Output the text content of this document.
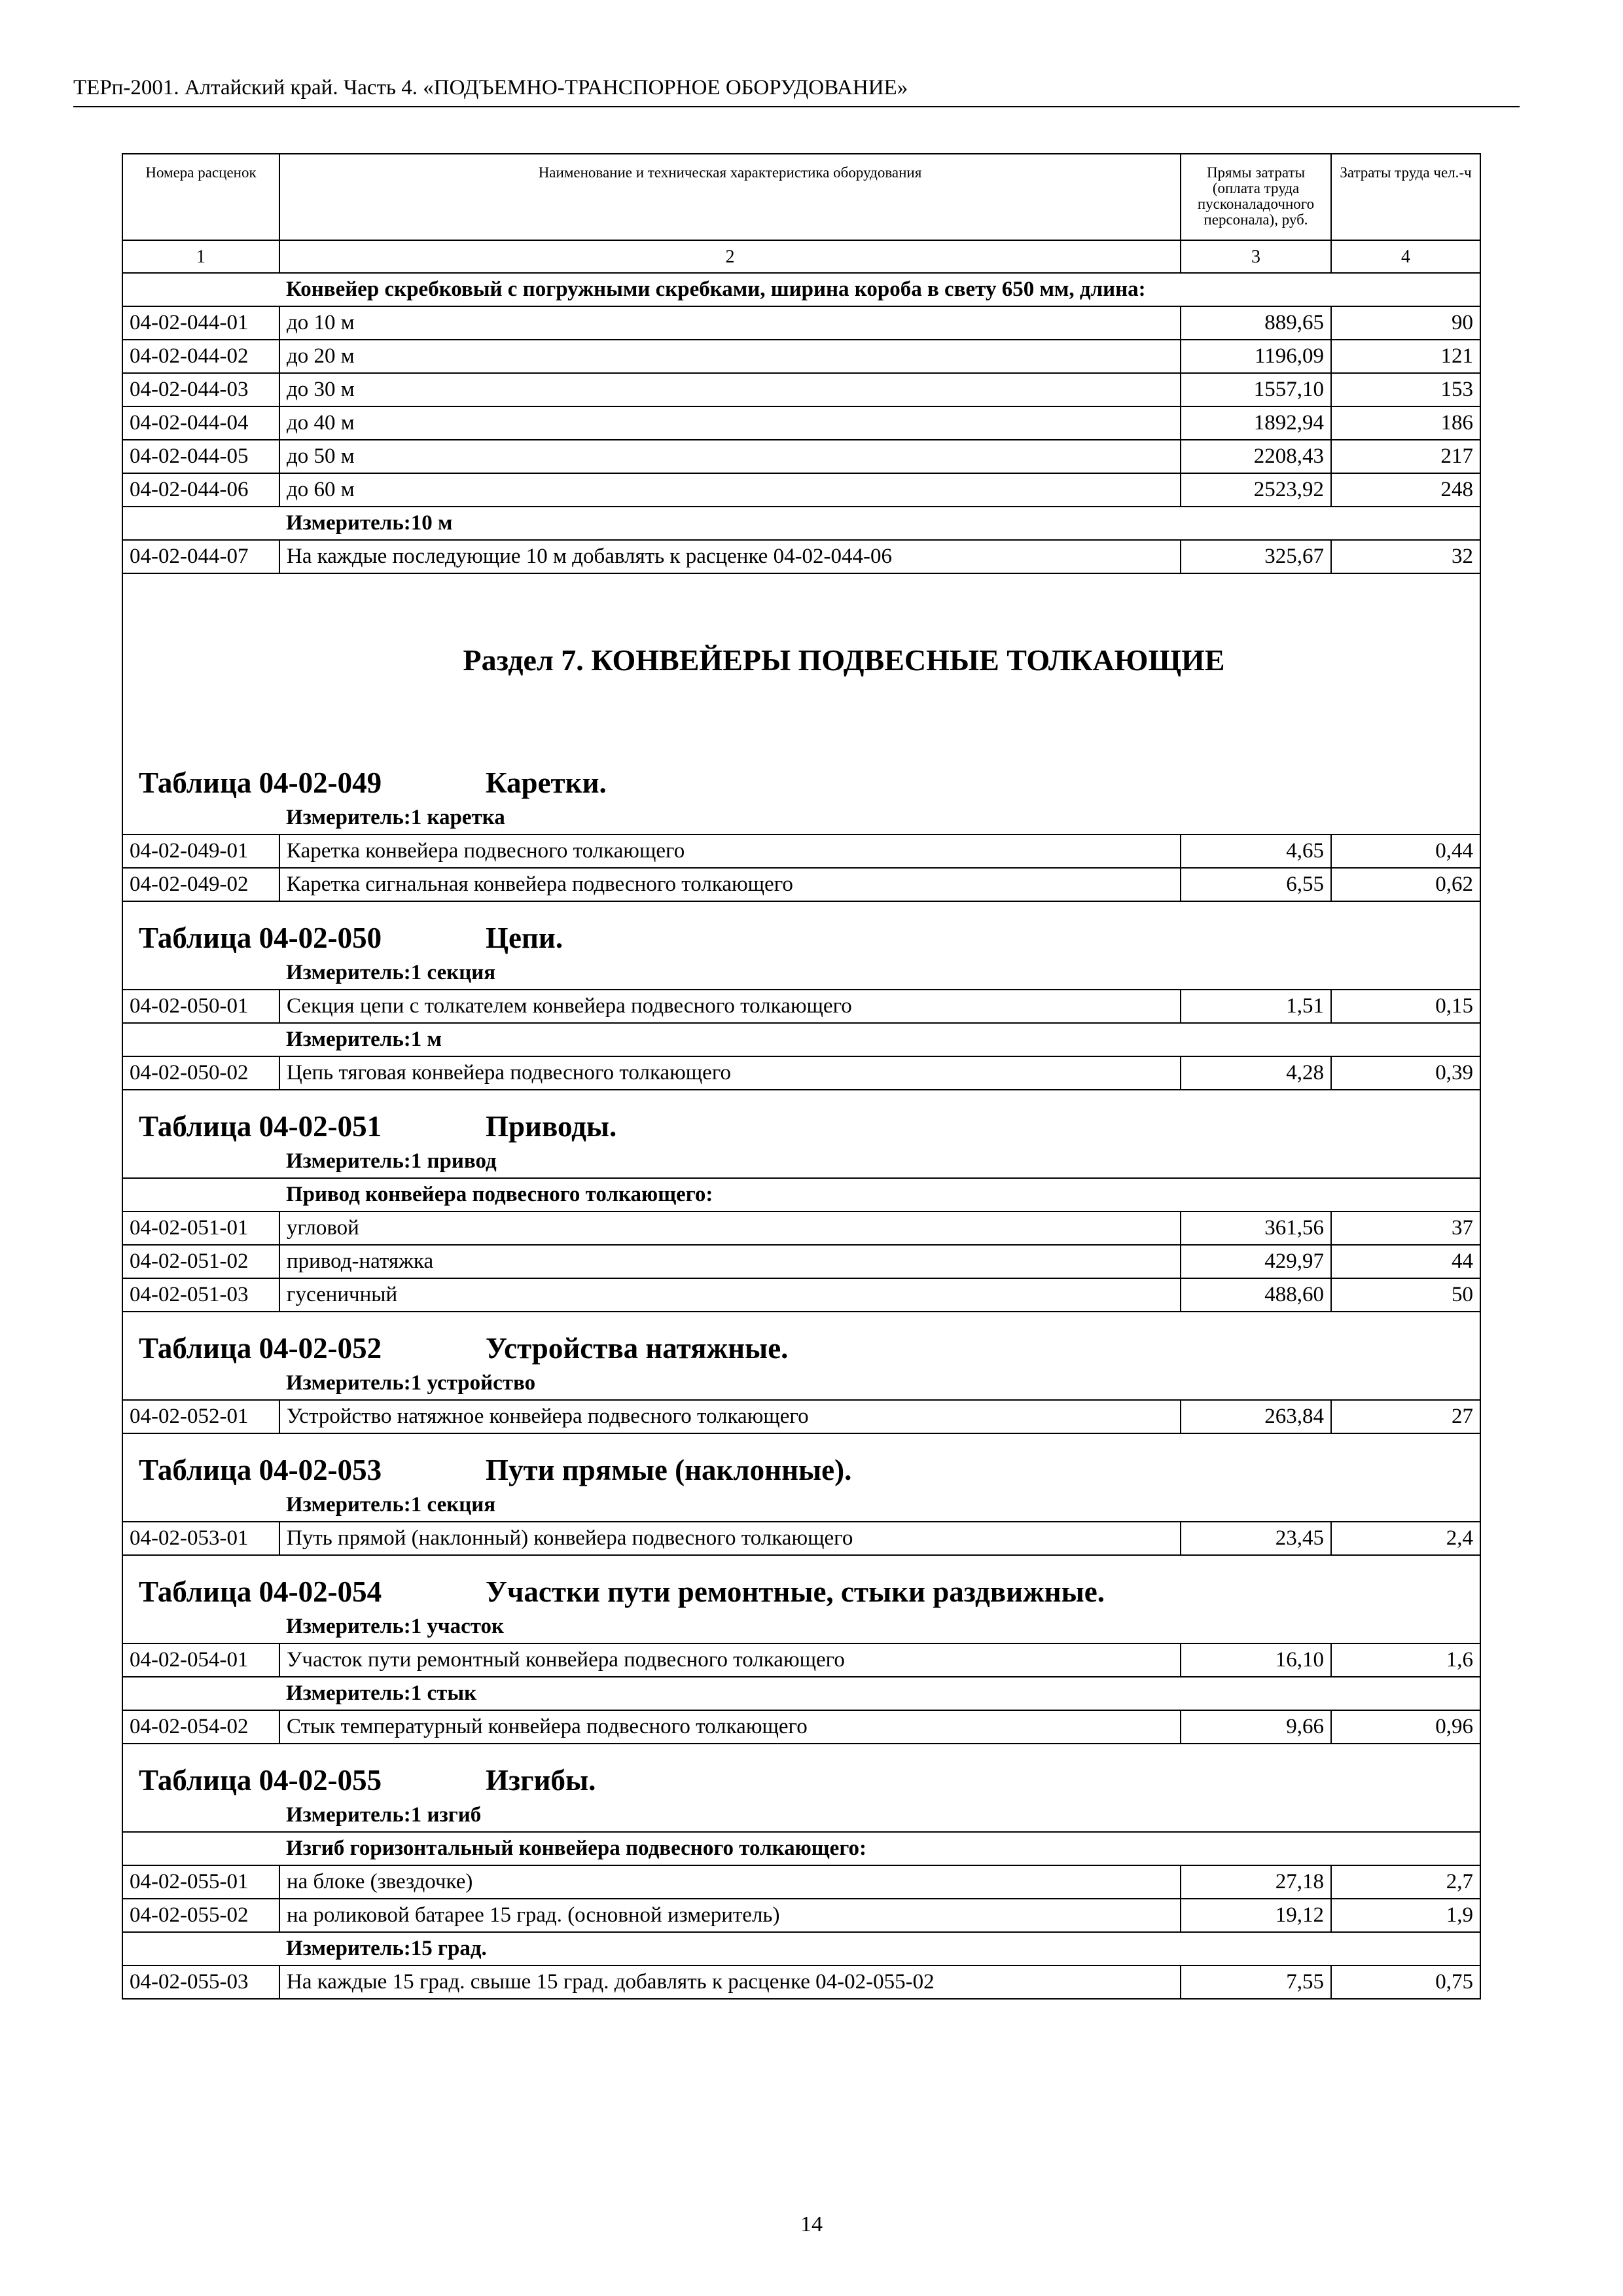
ТЕРп-2001. Алтайский край. Часть 4. «ПОДЪЕМНО-ТРАНСПОРНОЕ ОБОРУДОВАНИЕ»
Номера расценок	Наименование и техническая характеристика оборудования	Прямы затраты (оплата труда пусконаладочного персонала), руб.	Затраты труда чел.-ч
1	2	3	4
	Конвейер скребковый с погружными скребками, ширина короба в свету 650 мм, длина:		
04-02-044-01	до 10 м	889,65	90
04-02-044-02	до 20 м	1196,09	121
04-02-044-03	до 30 м	1557,10	153
04-02-044-04	до 40 м	1892,94	186
04-02-044-05	до 50 м	2208,43	217
04-02-044-06	до 60 м	2523,92	248
	Измеритель:10 м		
04-02-044-07	На каждые последующие 10 м добавлять к расценке 04-02-044-06	325,67	32
Раздел 7. КОНВЕЙЕРЫ ПОДВЕСНЫЕ ТОЛКАЮЩИЕ			
Таблица 04-02-049 Каретки.			
	Измеритель:1 каретка		
04-02-049-01	Каретка конвейера подвесного толкающего	4,65	0,44
04-02-049-02	Каретка сигнальная конвейера подвесного толкающего	6,55	0,62
Таблица 04-02-050 Цепи.			
	Измеритель:1 секция		
04-02-050-01	Секция цепи с толкателем конвейера подвесного толкающего	1,51	0,15
	Измеритель:1 м		
04-02-050-02	Цепь тяговая конвейера подвесного толкающего	4,28	0,39
Таблица 04-02-051 Приводы.			
	Измеритель:1 привод		
	Привод конвейера подвесного толкающего:		
04-02-051-01	угловой	361,56	37
04-02-051-02	привод-натяжка	429,97	44
04-02-051-03	гусеничный	488,60	50
Таблица 04-02-052 Устройства натяжные.			
	Измеритель:1 устройство		
04-02-052-01	Устройство натяжное конвейера подвесного толкающего	263,84	27
Таблица 04-02-053 Пути прямые (наклонные).			
	Измеритель:1 секция		
04-02-053-01	Путь прямой (наклонный) конвейера подвесного толкающего	23,45	2,4
Таблица 04-02-054 Участки пути ремонтные, стыки раздвижные.			
	Измеритель:1 участок		
04-02-054-01	Участок пути ремонтный конвейера подвесного толкающего	16,10	1,6
	Измеритель:1 стык		
04-02-054-02	Стык температурный конвейера подвесного толкающего	9,66	0,96
Таблица 04-02-055 Изгибы.			
	Измеритель:1 изгиб		
	Изгиб горизонтальный конвейера подвесного толкающего:		
04-02-055-01	на блоке (звездочке)	27,18	2,7
04-02-055-02	на роликовой батарее 15 град. (основной измеритель)	19,12	1,9
	Измеритель:15 град.		
04-02-055-03	На каждые 15 град. свыше 15 град. добавлять к расценке 04-02-055-02	7,55	0,75
14
